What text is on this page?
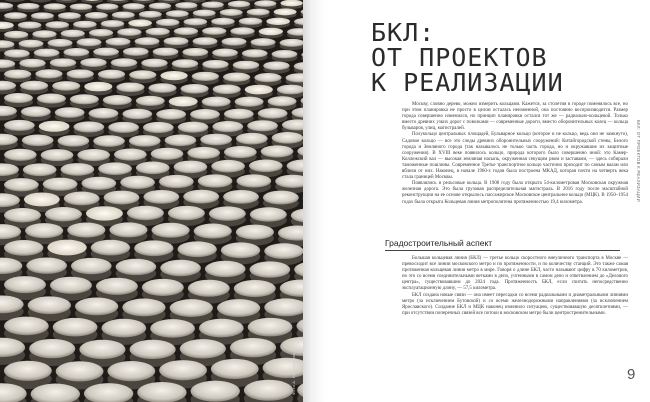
Фото А. Никифорова, 2024
БКЛ:
ОТ ПРОЕКТОВ
К РЕАЛИЗАЦИИ

Москву, словно дерево, можно измерить кольцами. Кажется, за столетия в городе поменялось все, но при этом планировка не просто в целом осталась неизменной, она постоянно воспроизводится. Размер города совершенно изменился, но принцип планировки остался тот же — радиально-кольцевой. Только вместо древних узких дорог с повозками — современные дороги, вместо оборонительных колец — кольца бульваров, улиц, магистралей.

Полукольцо центральных площадей, Бульварное кольцо (которое и не кольцо, ведь оно не замкнуто), Садовое кольцо — все это следы древних оборонительных сооружений: Китайгородской стены, Белого города и Земляного города (так называлось не только часть города, но и окружавшие их защитные сооружения). В XVIII веке появилось кольцо, природа которого было совершенно иной: это Камер-Коллежский вал — высокая земляная насыпь, окруженная секущим рвом и заставами, — здесь собирали таможенные пошлины. Современное Третье транспортное кольцо частично проходит по самым валам или вблизи от них. Наконец, в начале 1960-х годов была построена МКАД, которая почти на четверть века стала границей Москвы.

Появлялись и рельсовые кольца. В 1908 году была открыта 54-километровая Московская окружная железная дорога. Это была грузовая распределительная магистраль. В 2016 году после масштабной реконструкции на ее основе открылось пассажирское Московское центральное кольцо (МЦК). В 1950–1954 годах была открыта Кольцевая линия метрополитена протяженностью 19,4 километра.

Градостроительный аспект

Большая кольцевая линия (БКЛ) — третье кольцо скоростного внеуличного транспорта в Москве — превосходит все линии московского метро и по протяженности, и по количеству станций. Это также самая протяженная кольцевая линия метро в мире. Говоря о длине БКЛ, часто называют цифру в 70 километров, но это со всеми соединительными ветками в депо, учтенными в самом депо и ответвлением до «Делового центра», существовавшим до 2024 года. Протяженность БКЛ, если считать непосредственно эксплуатационную длину, — 57,5 километра.

БКЛ создана новые связи — она имеет пересадки со всеми радиальными и диаметральными линиями метро (за исключением Бутовской) и со всеми железнодорожными направлениями (за исключением Ярославского). Создание БКЛ и МЦК наконец изменило ситуацию, существовавшую десятилетиями, — при отсутствии поперечных связей все потоки в московском метро были центростремительными.

БКЛ: ОТ ПРОЕКТОВ К РЕАЛИЗАЦИИ
9
